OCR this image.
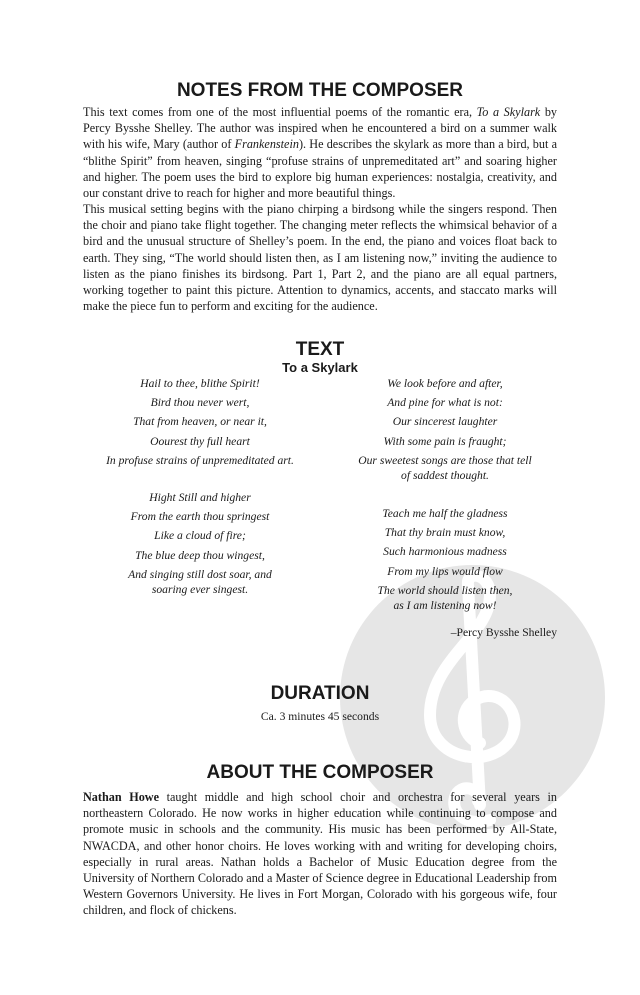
NOTES FROM THE COMPOSER

This text comes from one of the most influential poems of the romantic era, To a Skylark by Percy Bysshe Shelley. The author was inspired when he encountered a bird on a summer walk with his wife, Mary (author of Frankenstein). He describes the skylark as more than a bird, but a “blithe Spirit” from heaven, singing “profuse strains of unpremeditated art” and soaring higher and higher. The poem uses the bird to explore big human experiences: nostalgia, creativity, and our constant drive to reach for higher and more beautiful things.

This musical setting begins with the piano chirping a birdsong while the singers respond. Then the choir and piano take flight together. The changing meter reflects the whimsical behavior of a bird and the unusual structure of Shelley’s poem. In the end, the piano and voices float back to earth. They sing, “The world should listen then, as I am listening now,” inviting the audience to listen as the piano finishes its birdsong. Part 1, Part 2, and the piano are all equal partners, working together to paint this picture. Attention to dynamics, accents, and staccato marks will make the piece fun to perform and exciting for the audience.

TEXT
To a Skylark
Hail to thee, blithe Spirit!
Bird thou never wert,
That from heaven, or near it,
Oourest thy full heart
In profuse strains of unpremeditated art.
Hight Still and higher
From the earth thou springest
Like a cloud of fire;
The blue deep thou wingest,
And singing still dost soar, and
soaring ever singest.
We look before and after,
And pine for what is not:
Our sincerest laughter
With some pain is fraught;
Our sweetest songs are those that tell
of saddest thought.
Teach me half the gladness
That thy brain must know,
Such harmonious madness
From my lips would flow
The world should listen then,
as I am listening now!
–Percy Bysshe Shelley
DURATION
Ca. 3 minutes 45 seconds
ABOUT THE COMPOSER

Nathan Howe taught middle and high school choir and orchestra for several years in northeastern Colorado. He now works in higher education while continuing to compose and promote music in schools and the community. His music has been performed by All-State, NWACDA, and other honor choirs. He loves working with and writing for developing choirs, especially in rural areas. Nathan holds a Bachelor of Music Education degree from the University of Northern Colorado and a Master of Science degree in Educational Leadership from Western Governors University. He lives in Fort Morgan, Colorado with his gorgeous wife, four children, and flock of chickens.
